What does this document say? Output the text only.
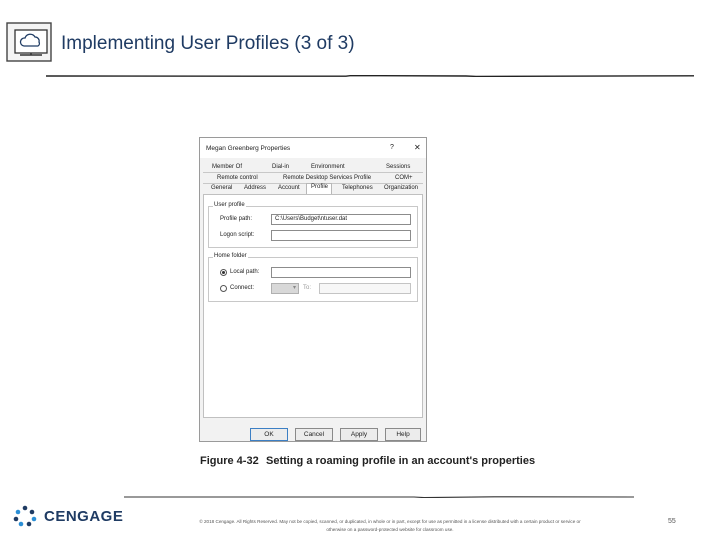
Implementing User Profiles (3 of 3)
Megan Greenberg Properties	?	✕
Member Of	Dial-in	Environment	Sessions
Remote control	Remote Desktop Services Profile	COM+
General Address Account Profile Telephones Organization
User profile
Profile path:	C:\Users\Budget\ntuser.dat
Logon script:
Home folder
Local path:
Connect:	▾ To:
OK	Cancel	Apply	Help
Figure 4-32 Setting a roaming profile in an account's properties
CENGAGE	© 2018 Cengage. All Rights Reserved. May not be copied, scanned, or duplicated, in whole or in part, except for use as permitted in a license distributed with a certain product or service or
otherwise on a password-protected website for classroom use.
55
